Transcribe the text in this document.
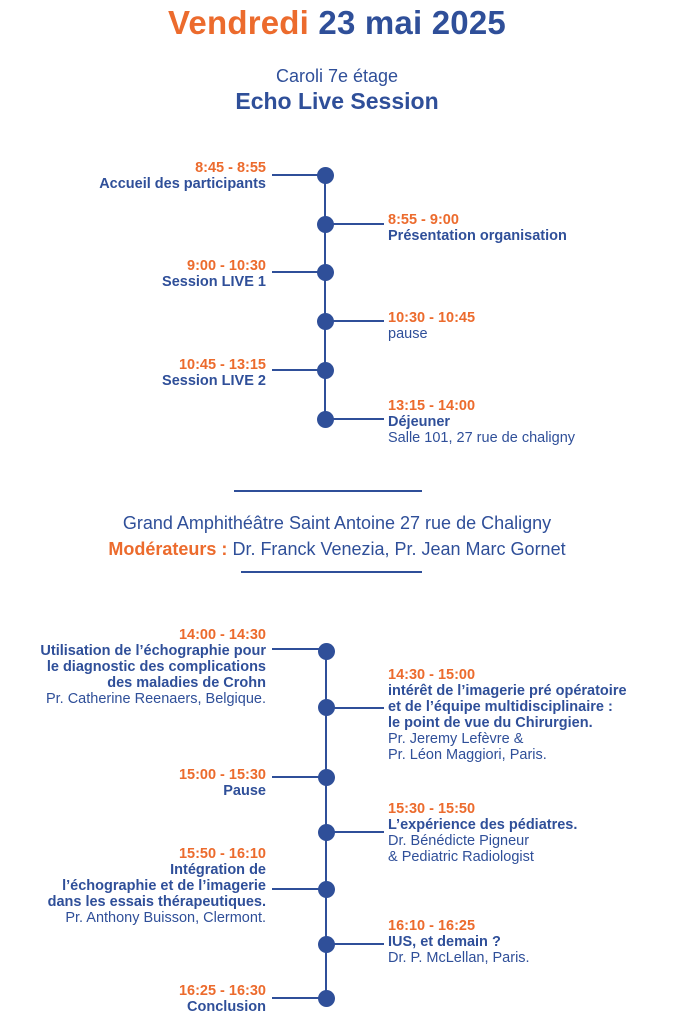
Vendredi 23 mai 2025
Caroli 7e étage
Echo Live Session
8:45 - 8:55
Accueil des participants
8:55 - 9:00
Présentation organisation
9:00 - 10:30
Session LIVE 1
10:30 - 10:45
pause
10:45 - 13:15
Session LIVE 2
13:15 - 14:00
Déjeuner
Salle 101, 27 rue de chaligny
Grand Amphithéâtre Saint Antoine 27 rue de Chaligny
Modérateurs : Dr. Franck Venezia, Pr. Jean Marc Gornet
14:00 - 14:30
Utilisation de l’échographie pour
le diagnostic des complications
des maladies de Crohn
Pr. Catherine Reenaers, Belgique.
14:30 - 15:00
intérêt de l’imagerie pré opératoire
et de l’équipe multidisciplinaire :
le point de vue du Chirurgien.
Pr. Jeremy Lefèvre &
Pr. Léon Maggiori, Paris.
15:00 - 15:30
Pause
15:30 - 15:50
L’expérience des pédiatres.
Dr. Bénédicte Pigneur
& Pediatric Radiologist
15:50 - 16:10
Intégration de
l’échographie et de l’imagerie
dans les essais thérapeutiques.
Pr. Anthony Buisson, Clermont.	16:10 - 16:25
IUS, et demain ?
Dr. P. McLellan, Paris.
16:25 - 16:30
Conclusion
